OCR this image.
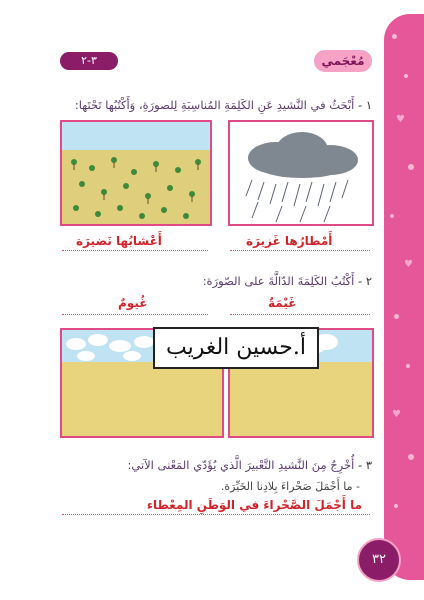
♥
♥
♥
٣-٢	مُعْجَمي
١ - أَبْحَثُ في النَّشيدِ عَنِ الكَلِمَةِ المُناسِبَةِ لِلصورَةِ، وَأَكْتُبُها تَحْتَها:
أَعْشابُها نَضيرَة	أَمْطارُها غَزيرَة
٢ - أَكْتُبُ الكَلِمَةَ الدّالَّةَ على الصّورَة:
غُيومٌ	غَيْمَةٌ
أ.حسين الغريب
٣ - أُخْرِجُ مِنَ النَّشيدِ التَّعْبيرَ الَّذي يُؤَدّي المَعْنى الآتي:
- ما أَجْمَلَ صَحْراءَ بِلادِنا الخَيِّرَة.
ما أَجْمَلَ الصَّحْراءَ في الوَطَنِ المِعْطاء
٣٢
